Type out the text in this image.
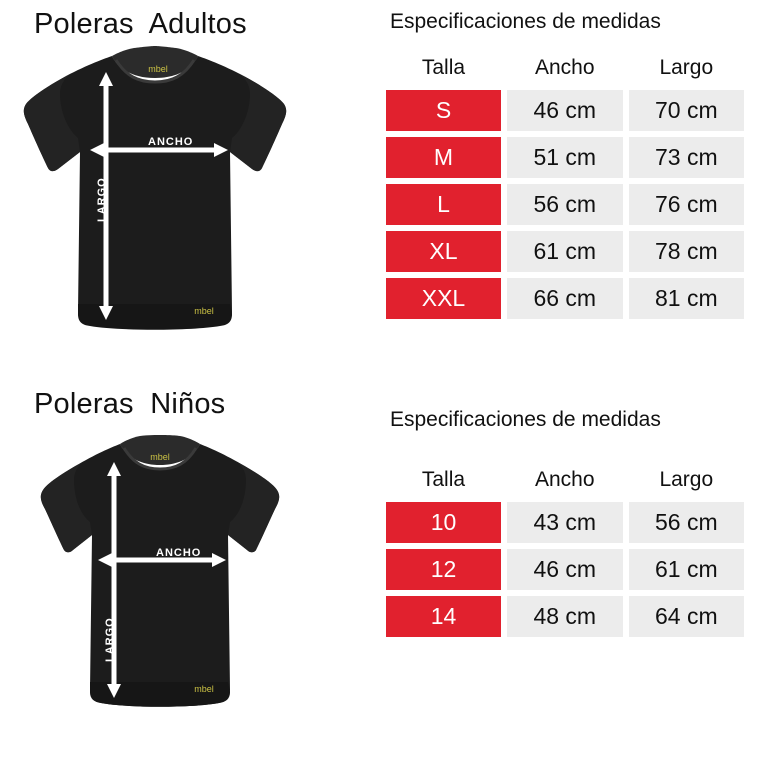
Poleras  Adultos
mbel
mbel
ANCHO
LARGO
Especificaciones de medidas
Talla	Ancho	Largo
S	46 cm	70 cm
M	51 cm	73 cm
L	56 cm	76 cm
XL	61 cm	78 cm
XXL	66 cm	81 cm
Poleras  Niños
mbel
mbel
ANCHO
LARGO
Especificaciones de medidas
Talla	Ancho	Largo
10	43 cm	56 cm
12	46 cm	61 cm
14	48 cm	64 cm
